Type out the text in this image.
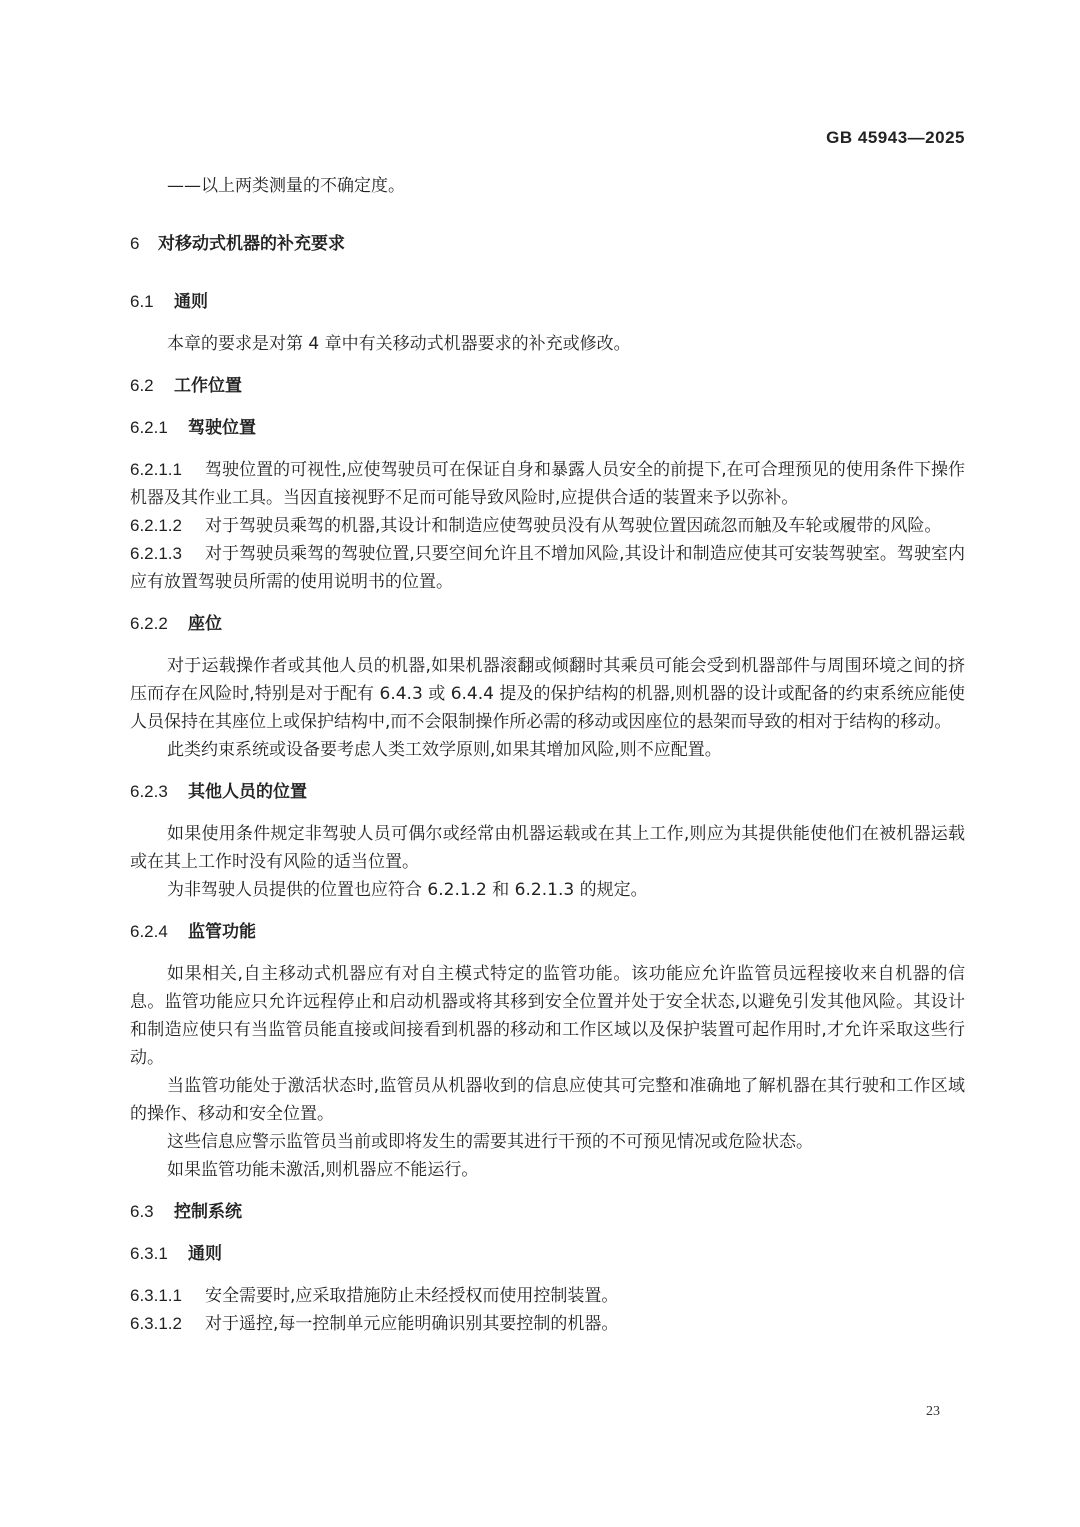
GB 45943—2025

——以上两类测量的不确定度。

6 对移动式机器的补充要求

6.1 通则

本章的要求是对第 4 章中有关移动式机器要求的补充或修改。

6.2 工作位置

6.2.1 驾驶位置

6.2.1.1 驾驶位置的可视性,应使驾驶员可在保证自身和暴露人员安全的前提下,在可合理预见的使用条件下操作机器及其作业工具。当因直接视野不足而可能导致风险时,应提供合适的装置来予以弥补。

6.2.1.2 对于驾驶员乘驾的机器,其设计和制造应使驾驶员没有从驾驶位置因疏忽而触及车轮或履带的风险。

6.2.1.3 对于驾驶员乘驾的驾驶位置,只要空间允许且不增加风险,其设计和制造应使其可安装驾驶室。驾驶室内应有放置驾驶员所需的使用说明书的位置。

6.2.2 座位

对于运载操作者或其他人员的机器,如果机器滚翻或倾翻时其乘员可能会受到机器部件与周围环境之间的挤压而存在风险时,特别是对于配有 6.4.3 或 6.4.4 提及的保护结构的机器,则机器的设计或配备的约束系统应能使人员保持在其座位上或保护结构中,而不会限制操作所必需的移动或因座位的悬架而导致的相对于结构的移动。

此类约束系统或设备要考虑人类工效学原则,如果其增加风险,则不应配置。

6.2.3 其他人员的位置

如果使用条件规定非驾驶人员可偶尔或经常由机器运载或在其上工作,则应为其提供能使他们在被机器运载或在其上工作时没有风险的适当位置。

为非驾驶人员提供的位置也应符合 6.2.1.2 和 6.2.1.3 的规定。

6.2.4 监管功能

如果相关,自主移动式机器应有对自主模式特定的监管功能。该功能应允许监管员远程接收来自机器的信息。监管功能应只允许远程停止和启动机器或将其移到安全位置并处于安全状态,以避免引发其他风险。其设计和制造应使只有当监管员能直接或间接看到机器的移动和工作区域以及保护装置可起作用时,才允许采取这些行动。

当监管功能处于激活状态时,监管员从机器收到的信息应使其可完整和准确地了解机器在其行驶和工作区域的操作、移动和安全位置。

这些信息应警示监管员当前或即将发生的需要其进行干预的不可预见情况或危险状态。

如果监管功能未激活,则机器应不能运行。

6.3 控制系统

6.3.1 通则

6.3.1.1 安全需要时,应采取措施防止未经授权而使用控制装置。

6.3.1.2 对于遥控,每一控制单元应能明确识别其要控制的机器。

23
